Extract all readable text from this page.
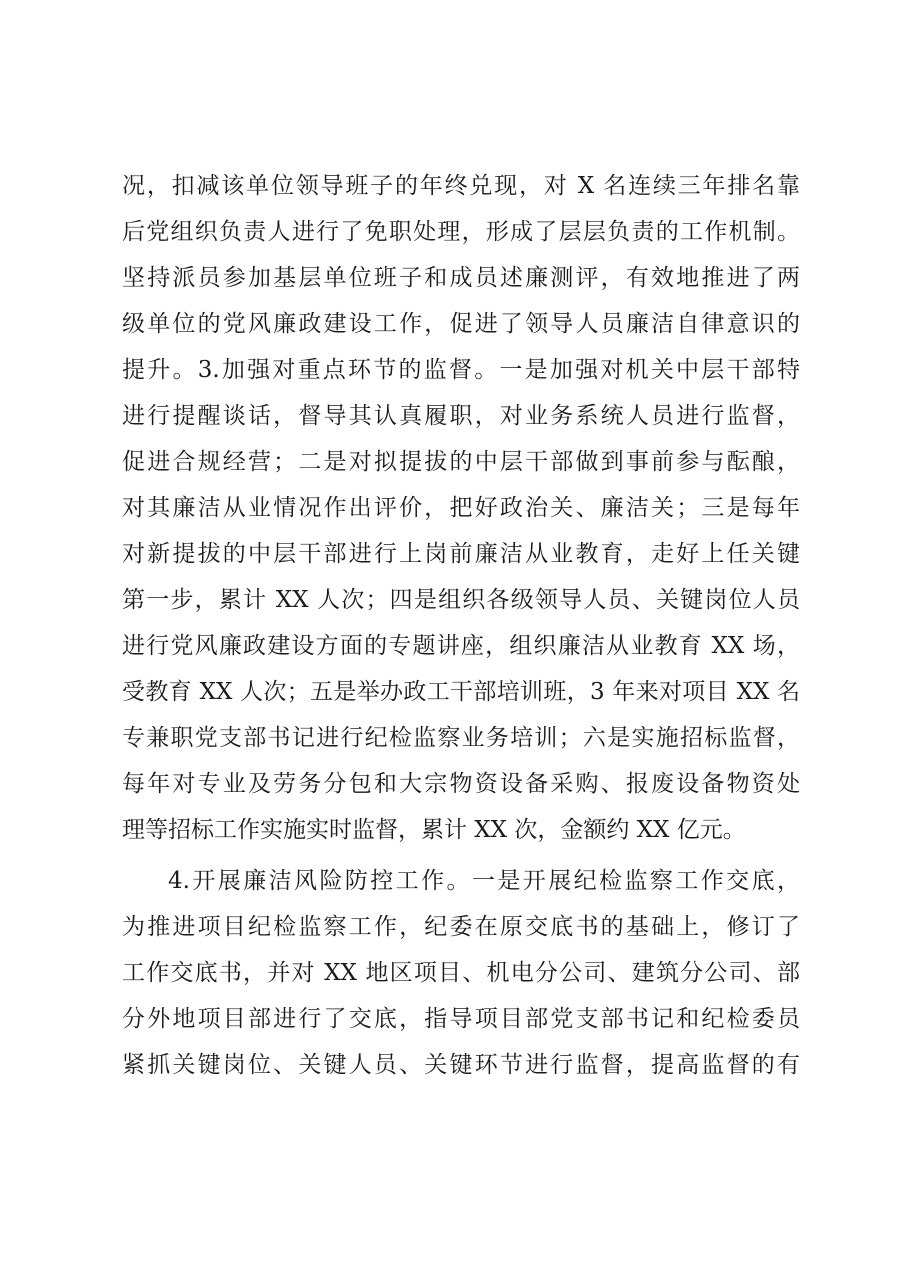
况，扣减该单位领导班子的年终兑现，对 X 名连续三年排名靠
后党组织负责人进行了免职处理，形成了层层负责的工作机制。
坚持派员参加基层单位班子和成员述廉测评，有效地推进了两
级单位的党风廉政建设工作，促进了领导人员廉洁自律意识的
提升。3.加强对重点环节的监督。一是加强对机关中层干部特
进行提醒谈话，督导其认真履职，对业务系统人员进行监督，
促进合规经营；二是对拟提拔的中层干部做到事前参与酝酿，
对其廉洁从业情况作出评价，把好政治关、廉洁关；三是每年
对新提拔的中层干部进行上岗前廉洁从业教育，走好上任关键
第一步，累计 XX 人次；四是组织各级领导人员、关键岗位人员
进行党风廉政建设方面的专题讲座，组织廉洁从业教育 XX 场，
受教育 XX 人次；五是举办政工干部培训班，3 年来对项目 XX 名
专兼职党支部书记进行纪检监察业务培训；六是实施招标监督，
每年对专业及劳务分包和大宗物资设备采购、报废设备物资处
理等招标工作实施实时监督，累计 XX 次，金额约 XX 亿元。
4.开展廉洁风险防控工作。一是开展纪检监察工作交底，
为推进项目纪检监察工作，纪委在原交底书的基础上，修订了
工作交底书，并对 XX 地区项目、机电分公司、建筑分公司、部
分外地项目部进行了交底，指导项目部党支部书记和纪检委员
紧抓关键岗位、关键人员、关键环节进行监督，提高监督的有
